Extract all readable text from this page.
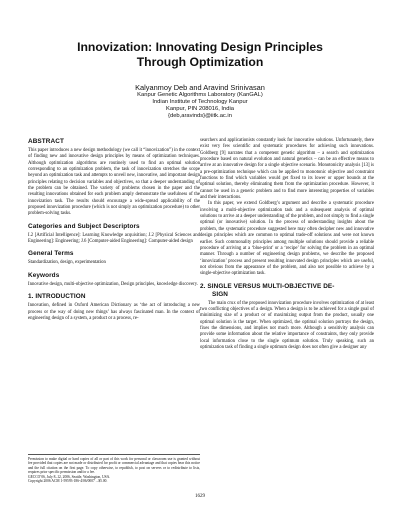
Innovization: Innovating Design Principles
Through Optimization
Kalyanmoy Deb and Aravind Srinivasan
Kanpur Genetic Algorithms Laboratory (KanGAL)
Indian Institute of Technology Kanpur
Kanpur, PIN 208016, India
{deb,aravinds}@iitk.ac.in
ABSTRACT

This paper introduces a new design methodology (we call it “innovization”) in the context of finding new and innovative design principles by means of optimization techniques. Although optimization algorithms are routinely used to find an optimal solution corresponding to an optimization problem, the task of innovization stretches the scope beyond an optimization task and attempts to unveil new, innovative, and important design principles relating to decision variables and objectives, so that a deeper understanding of the problem can be obtained. The variety of problems chosen in the paper and the resulting innovations obtained for each problem amply demonstrate the usefulness of the innovization task. The results should encourage a wide-spread applicability of the proposed innovization procedure (which is not simply an optimization procedure) to other problem-solving tasks.

Categories and Subject Descriptors

I.2 [Artificial Intelligence]: Learning Knowledge acquisition; J.2 [Physical Sciences and Engineering]: Engineering; J.6 [Computer-aided Engineering]: Computer-aided design

General Terms

Standardization, design, experimentation

Keywords

Innovative design, multi-objective optimization, Design principles, knowledge discovery.

1. INTRODUCTION

Innovation, defined in Oxford American Dictionary as ‘the act of introducing a new process or the way of doing new things’ has always fascinated man. In the context of engineering design of a system, a product or a process, re-

Permission to make digital or hard copies of all or part of this work for personal or classroom use is granted without fee provided that copies are not made or distributed for profit or commercial advantage and that copies bear this notice and the full citation on the first page. To copy otherwise, to republish, to post on servers or to redistribute to lists, requires prior specific permission and/or a fee.

GECCO’06, July 8–12, 2006, Seattle, Washington, USA.

Copyright 2006 ACM 1-59593-186-4/06/0007 ...$5.00.

searchers and applicationists constantly look for innovative solutions. Unfortunately, there exist very few scientific and systematic procedures for achieving such innovations. Goldberg [9] narrates that a competent genetic algorithm – a search and optimization procedure based on natural evolution and natural genetics – can be an effective means to arrive at an innovative design for a single objective scenario. Monotonicity analysis [13] is a pre-optimization technique which can be applied to monotonic objective and constraint functions to find which variables would get fixed to its lower or upper bounds at the optimal solution, thereby eliminating them from the optimization procedure. However, it cannot be used in a generic problem and to find more interesting properties of variables and their interactions.

In this paper, we extend Goldberg’s argument and describe a systematic procedure involving a multi-objective optimization task and a subsequent analysis of optimal solutions to arrive at a deeper understanding of the problem, and not simply to find a single optimal (or innovative) solution. In the process of understanding insights about the problem, the systematic procedure suggested here may often decipher new and innovative design principles which are common to optimal trade-off solutions and were not known earlier. Such commonality principles among multiple solutions should provide a reliable procedure of arriving at a ‘blue-print’ or a ‘recipe’ for solving the problem in an optimal manner. Through a number of engineering design problems, we describe the proposed ‘innovization’ process and present resulting innovated design principles which are useful, not obvious from the appearance of the problem, and also not possible to achieve by a single-objective optimization task.

2. SINGLE VERSUS MULTI-OBJECTIVE DE-
SIGN

The main crux of the proposed innovization procedure involves optimization of at least two conflicting objectives of a design. When a design is to be achieved for a single goal of minimizing size of a product or of maximizing output from the product, usually one optimal solution is the target. When optimized, the optimal solution portrays the design, fixes the dimensions, and implies not much more. Although a sensitivity analysis can provide some information about the relative importance of constraints, they only provide local information close to the single optimum solution. Truly speaking, such an optimization task of finding a single optimum design does not often give a designer any

1629
